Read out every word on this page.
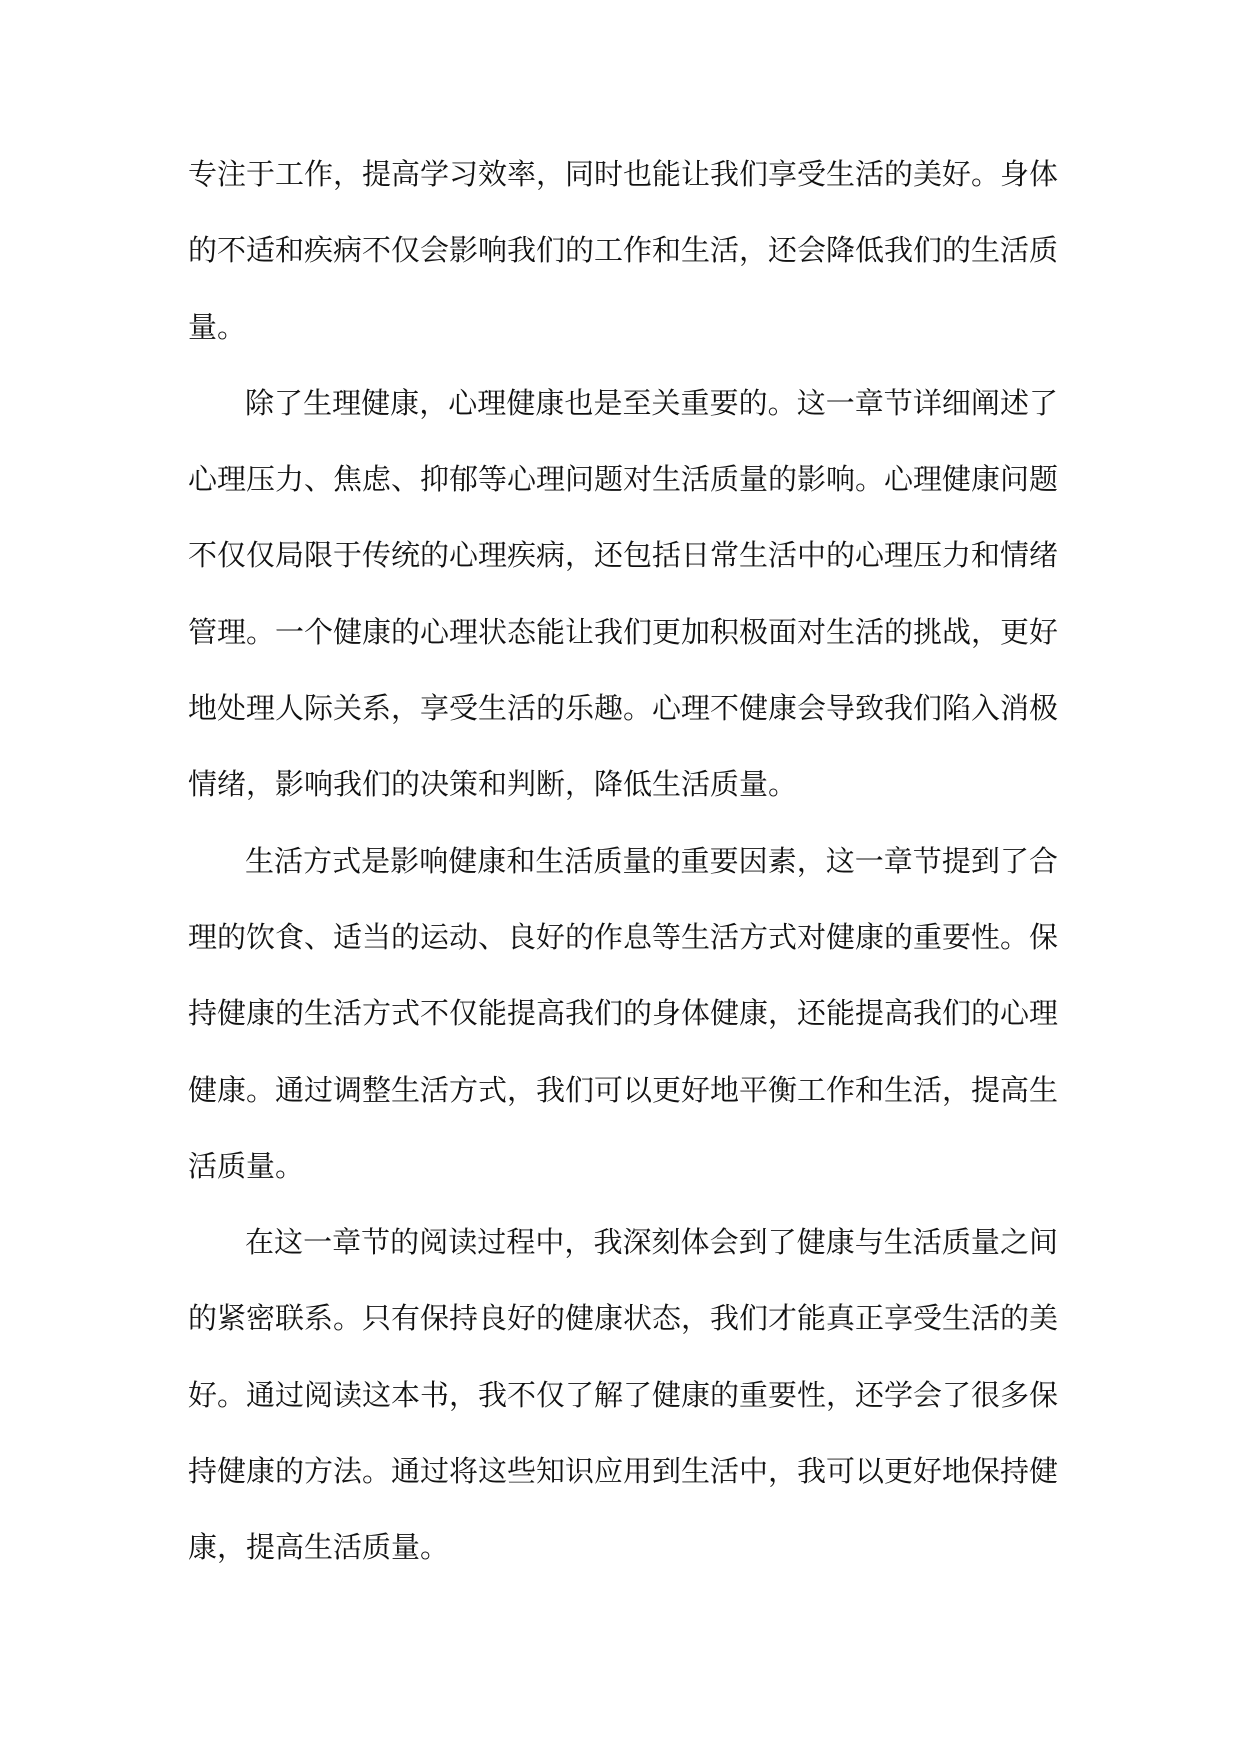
专注于工作，提高学习效率，同时也能让我们享受生活的美好。身体
的不适和疾病不仅会影响我们的工作和生活，还会降低我们的生活质
量。
除了生理健康，心理健康也是至关重要的。这一章节详细阐述了
心理压力、焦虑、抑郁等心理问题对生活质量的影响。心理健康问题
不仅仅局限于传统的心理疾病，还包括日常生活中的心理压力和情绪
管理。一个健康的心理状态能让我们更加积极面对生活的挑战，更好
地处理人际关系，享受生活的乐趣。心理不健康会导致我们陷入消极
情绪，影响我们的决策和判断，降低生活质量。
生活方式是影响健康和生活质量的重要因素，这一章节提到了合
理的饮食、适当的运动、良好的作息等生活方式对健康的重要性。保
持健康的生活方式不仅能提高我们的身体健康，还能提高我们的心理
健康。通过调整生活方式，我们可以更好地平衡工作和生活，提高生
活质量。
在这一章节的阅读过程中，我深刻体会到了健康与生活质量之间
的紧密联系。只有保持良好的健康状态，我们才能真正享受生活的美
好。通过阅读这本书，我不仅了解了健康的重要性，还学会了很多保
持健康的方法。通过将这些知识应用到生活中，我可以更好地保持健
康，提高生活质量。
